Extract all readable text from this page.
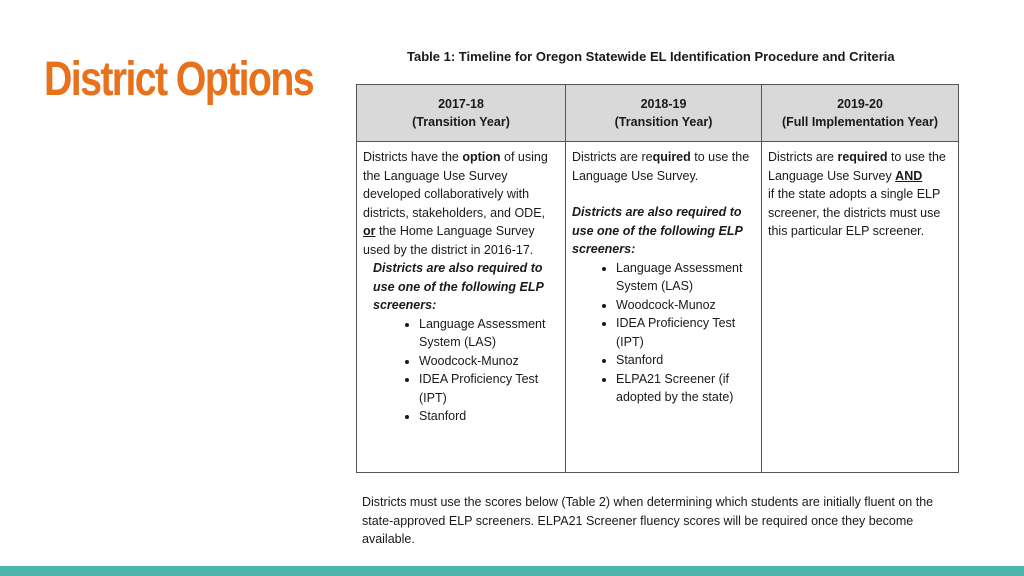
District Options	Table 1: Timeline for Oregon Statewide EL Identification Procedure and Criteria
2017-18
(Transition Year)
2018-19
(Transition Year)
2019-20
(Full Implementation Year)

Districts have the option of using the Language Use Survey developed collaboratively with districts, stakeholders, and ODE, or the Home Language Survey used by the district in 2016-17.

Districts are also required to use one of the following ELP screeners:

• Language Assessment System (LAS)
• Woodcock-Munoz
• IDEA Proficiency Test (IPT)
• Stanford

Districts are required to use the Language Use Survey.

Districts are also required to use one of the following ELP screeners:

• Language Assessment System (LAS)
• Woodcock-Munoz
• IDEA Proficiency Test (IPT)
• Stanford
• ELPA21 Screener (if adopted by the state)

Districts are required to use the Language Use Survey AND
if the state adopts a single ELP screener, the districts must use this particular ELP screener.

Districts must use the scores below (Table 2) when determining which students are initially fluent on the state-approved ELP screeners. ELPA21 Screener fluency scores will be required once they become available.
